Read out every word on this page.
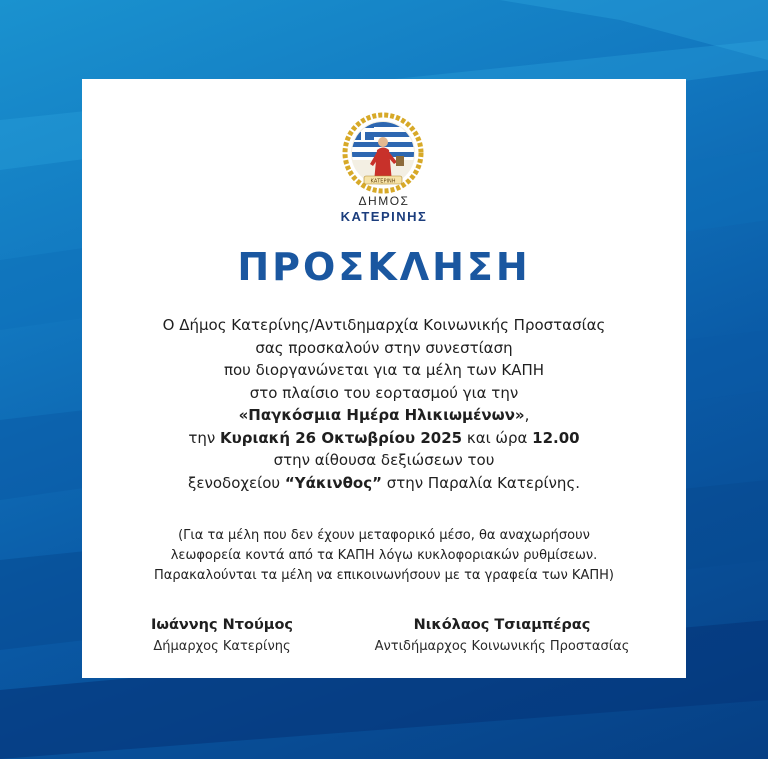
ΚΑΤΕΡΙΝΗ
ΔΗΜΟΣ
ΚΑΤΕΡΙΝΗΣ
ΠΡΟΣΚΛΗΣΗ
Ο Δήμος Κατερίνης/Αντιδημαρχία Κοινωνικής Προστασίας
σας προσκαλούν στην συνεστίαση
που διοργανώνεται για τα μέλη των ΚΑΠΗ
στο πλαίσιο του εορτασμού για την
«Παγκόσμια Ημέρα Ηλικιωμένων»,
την Κυριακή 26 Οκτωβρίου 2025 και ώρα 12.00
στην αίθουσα δεξιώσεων του
ξενοδοχείου “Υάκινθος” στην Παραλία Κατερίνης.
(Για τα μέλη που δεν έχουν μεταφορικό μέσο, θα αναχωρήσουν
λεωφορεία κοντά από τα ΚΑΠΗ λόγω κυκλοφοριακών ρυθμίσεων.
Παρακαλούνται τα μέλη να επικοινωνήσουν με τα γραφεία των ΚΑΠΗ)
Ιωάννης Ντούμος
Δήμαρχος Κατερίνης
Νικόλαος Τσιαμπέρας
Αντιδήμαρχος Κοινωνικής Προστασίας
